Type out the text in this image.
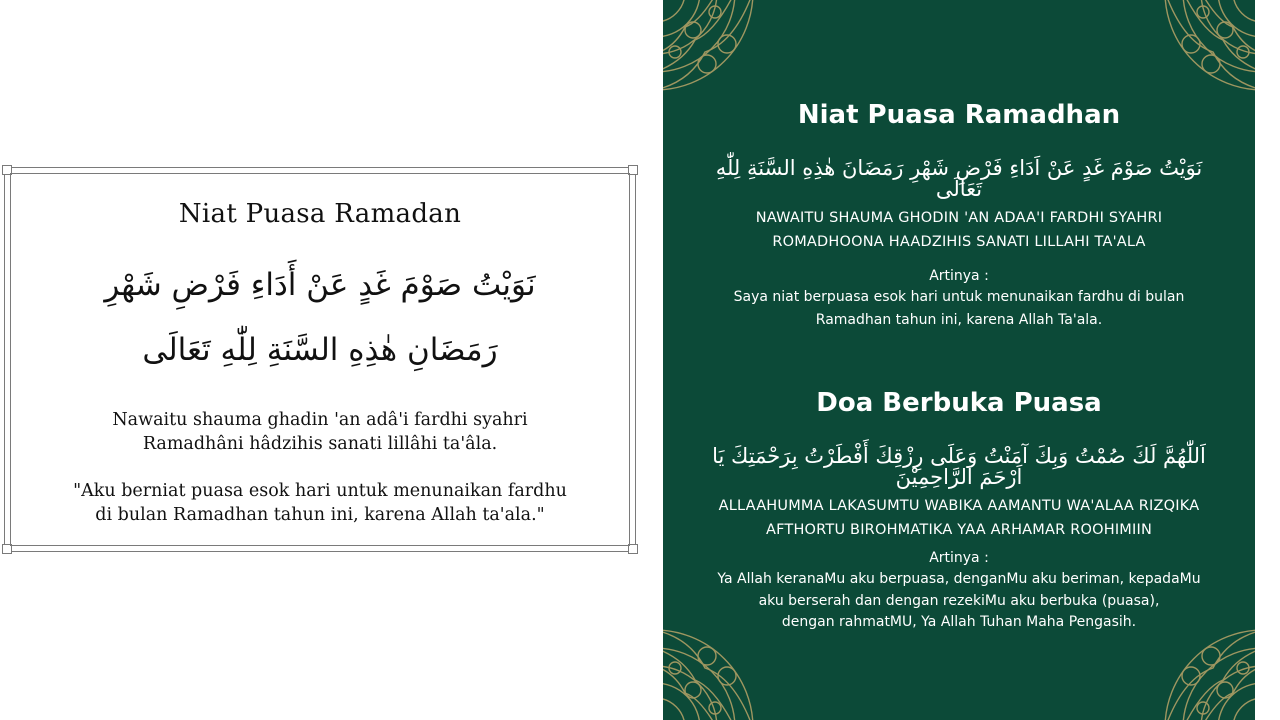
Niat Puasa Ramadan
نَوَيْتُ صَوْمَ غَدٍ عَنْ أَدَاءِ فَرْضِ شَهْرِ
رَمَضَانِ هٰذِهِ السَّنَةِ لِلّٰهِ تَعَالَى
Nawaitu shauma ghadin 'an adâ'i fardhi syahri
Ramadhâni hâdzihis sanati lillâhi ta'âla.
"Aku berniat puasa esok hari untuk menunaikan fardhu
di bulan Ramadhan tahun ini, karena Allah ta'ala."
Niat Puasa Ramadhan
نَوَيْتُ صَوْمَ غَدٍ عَنْ اَدَاءِ فَرْضِ شَهْرِ رَمَضَانَ هٰذِهِ السَّنَةِ لِلّٰهِ تَعَالَى
NAWAITU SHAUMA GHODIN 'AN ADAA'I FARDHI SYAHRI
ROMADHOONA HAADZIHIS SANATI LILLAHI TA'ALA
Artinya :
Saya niat berpuasa esok hari untuk menunaikan fardhu di bulan
Ramadhan tahun ini, karena Allah Ta'ala.
Doa Berbuka Puasa
اَللّٰهُمَّ لَكَ صُمْتُ وَبِكَ آمَنْتُ وَعَلَى رِزْقِكَ أَفْطَرْتُ بِرَحْمَتِكَ يَا اَرْحَمَ الرَّاحِمِيْنَ
ALLAAHUMMA LAKASUMTU WABIKA AAMANTU WA'ALAA RIZQIKA
AFTHORTU BIROHMATIKA YAA ARHAMAR ROOHIMIIN
Artinya :
Ya Allah keranaMu aku berpuasa, denganMu aku beriman, kepadaMu
aku berserah dan dengan rezekiMu aku berbuka (puasa),
dengan rahmatMU, Ya Allah Tuhan Maha Pengasih.
